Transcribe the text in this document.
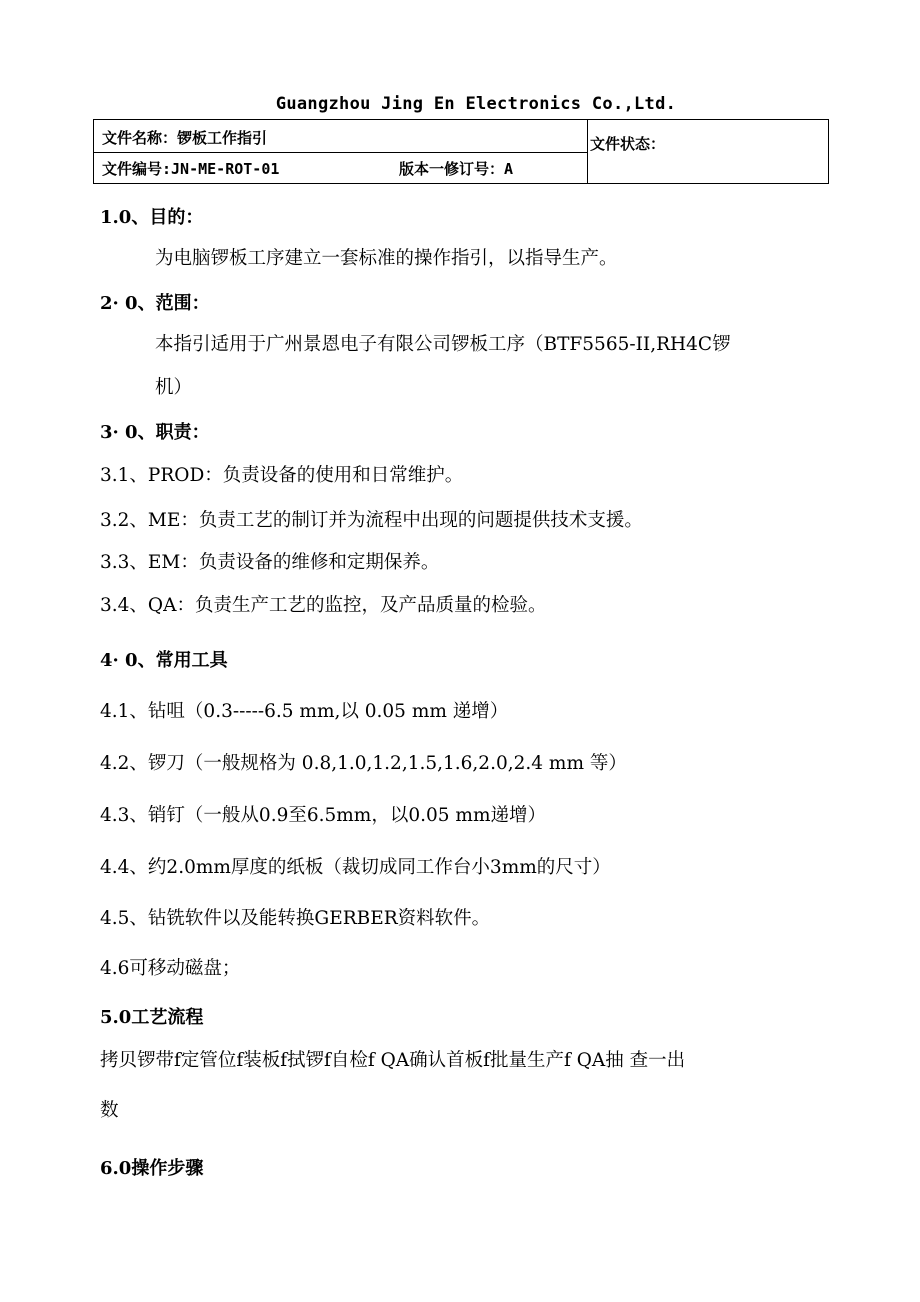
Guangzhou Jing En Electronics Co.,Ltd.
文件名称：锣板工作指引
文件编号:JN-ME-ROT-01	版本一修订号：A
文件状态：
1.0、目的：
为电脑锣板工序建立一套标准的操作指引，以指导生产。
2· 0、范围：
本指引适用于广州景恩电子有限公司锣板工序（BTF5565-II,RH4C锣
机）
3· 0、职责：
3.1、PROD：负责设备的使用和日常维护。
3.2、ME：负责工艺的制订并为流程中出现的问题提供技术支援。
3.3、EM：负责设备的维修和定期保养。
3.4、QA：负责生产工艺的监控，及产品质量的检验。
4· 0、常用工具
4.1、钻咀（0.3-----6.5 mm,以 0.05 mm 递增）
4.2、锣刀（一般规格为 0.8,1.0,1.2,1.5,1.6,2.0,2.4 mm 等）
4.3、销钉（一般从0.9至6.5mm，以0.05 mm递增）
4.4、约2.0mm厚度的纸板（裁切成同工作台小3mm的尺寸）
4.5、钻铣软件以及能转换GERBER资料软件。
4.6可移动磁盘；
5.0工艺流程
拷贝锣带f定管位f装板f拭锣f自检f QA确认首板f批量生产f QA抽 查一出
数
6.0操作步骤
